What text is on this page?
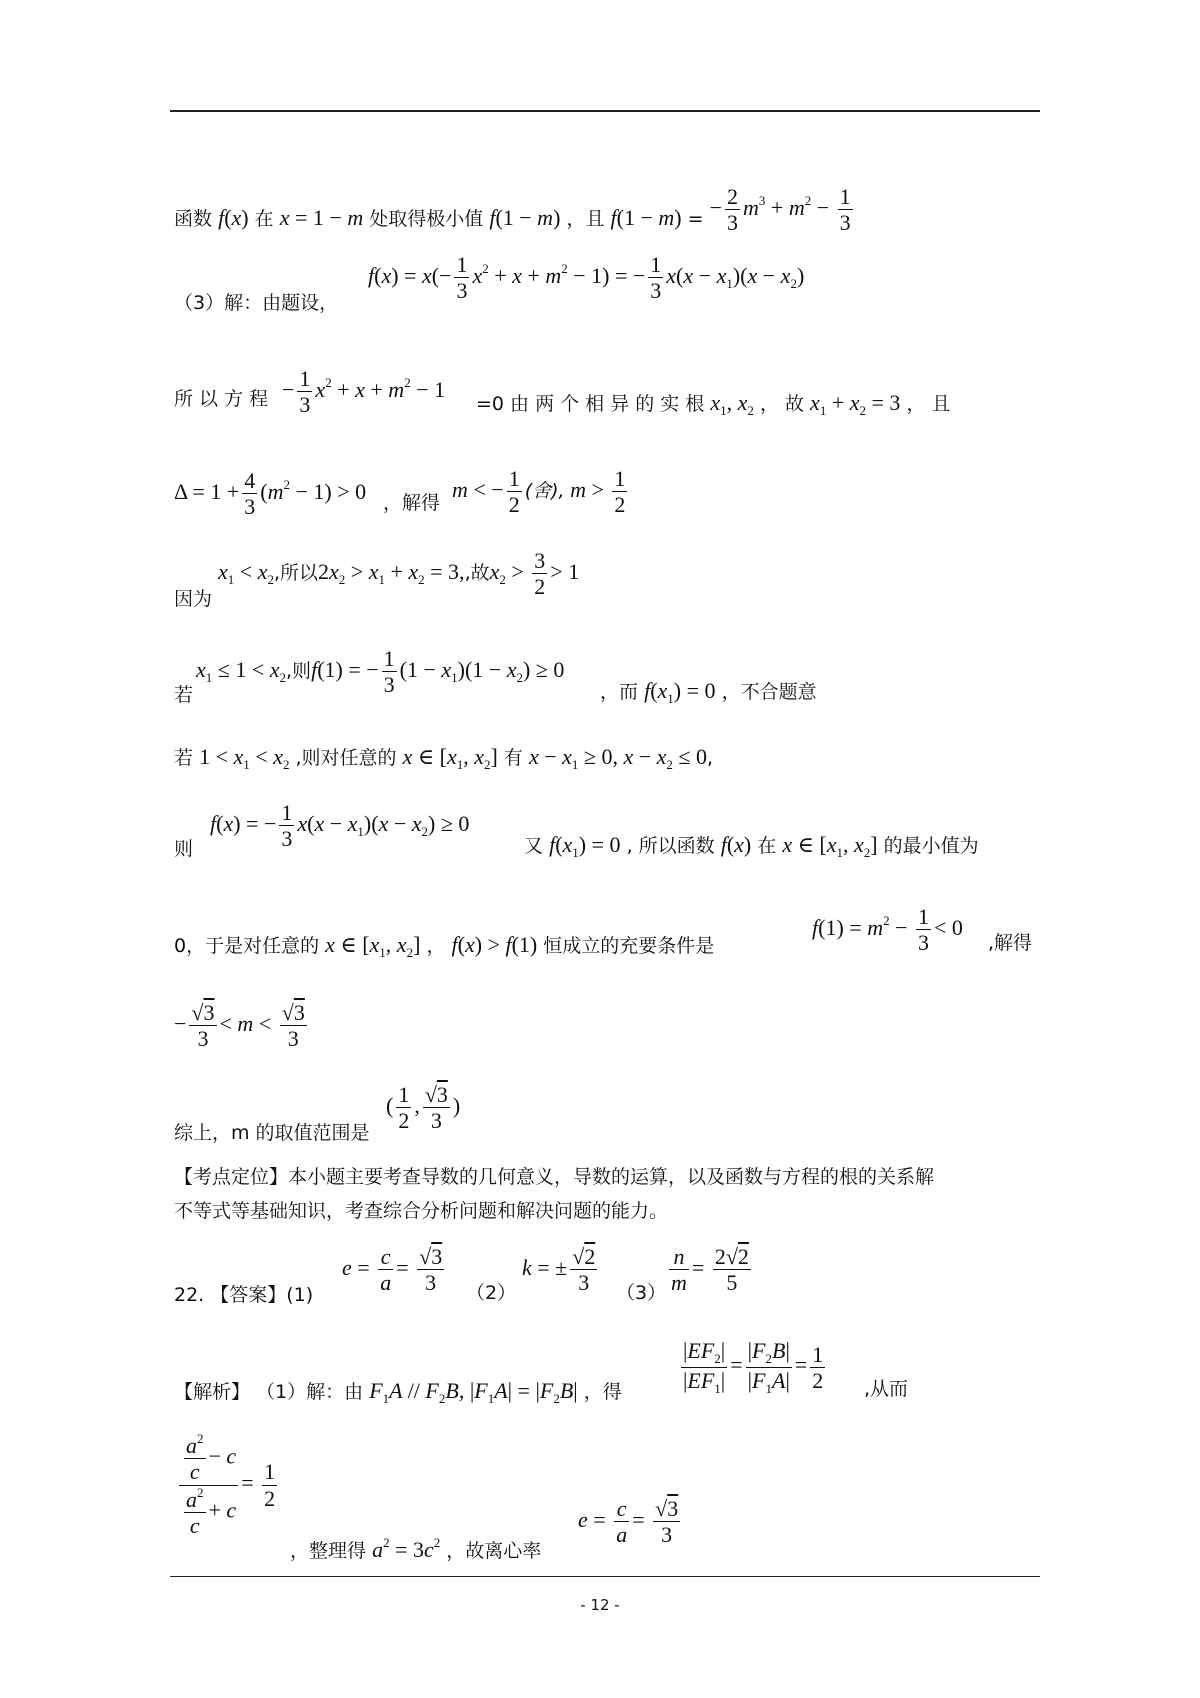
函数 f(x) 在 x = 1 − m 处取得极小值 f(1 − m) ，且 f(1 − m) = − $\frac{2}{3} m^3 + m^2 - \frac{1}{3}$
（3）解：由题设，
$f(x) = x(- \frac{1}{3} x^2 + x + m^2 - 1)$ = − $\frac{1}{3} x(x - x_1)(x - x_2)$
所 以 方 程 − $\frac{1}{3} x^2 + x + m^2 - 1$
=0 由 两 个 相 异 的 实 根 $x_1$, $x_2$ ， 故 $x_1 + x_2 = 3$ ， 且
$\Delta = 1 + \frac{4}{3} (m^2 - 1) > 0$ ，解得
m < − $\frac{1}{2}$ (舍), $m > \frac{1}{2}$
因为
$x_1 < x_2$,所以$2x_2 > x_1 + x_2 = 3$,,故$x_2 > \frac{3}{2} > 1$
若
$x_1 \le 1 < x_2$,则f(1) = − $\frac{1}{3} (1 - x_1)(1 - x_2) \ge 0$
，而 $f(x_1) = 0$ ，不合题意
若 $1 < x_1 < x_2$ ,则对任意的 x ∈ [$x_1$, $x_2$] 有 $x - x_1 \ge 0$, $x - x_2 \le 0$,
则
f(x) = − $\frac{1}{3} x(x - x_1)(x - x_2) \ge 0$
又 $f(x_1) = 0$ , 所以函数 f(x) 在 x ∈ [$x_1$, $x_2$] 的最小值为
0，于是对任意的 x ∈ [$x_1$, $x_2$] ， f(x) > f(1) 恒成立的充要条件是
$f(1) = m^2 - \frac{1}{3} < 0$
,解得
− $\frac{√3}{3} < m < \frac{√3}{3}$
综上，m 的取值范围是
( $\frac{1}{2}$ , $\frac{√3}{3}$ )
【考点定位】本小题主要考查导数的几何意义，导数的运算，以及函数与方程的根的关系解
不等式等基础知识，考查综合分析问题和解决问题的能力。
22. 【答案】(1)
$e = \frac{c}{a} = \frac{√3}{3} (2)$
k = ± $\frac{√2}{3} (3) \frac{n}{m} = \frac{2√2}{5}$
【解析】 （1）解：由 $F_1A // F_2B$, $|F_1A| = |F_2B|$ ，得	$\frac{|EF_2|}{|EF_1|} = \frac{|F_2B|}{|F_1A|} = \frac{1}{2}$ ,从而
$\frac{\frac{a^2}{c} - c}{\frac{a^2}{c} + c} = \frac{1}{2}$
，整理得 $a^2 = 3c^2$ ，故离心率
$e = \frac{c}{a} = \frac{√3}{3}$
- 12 -
